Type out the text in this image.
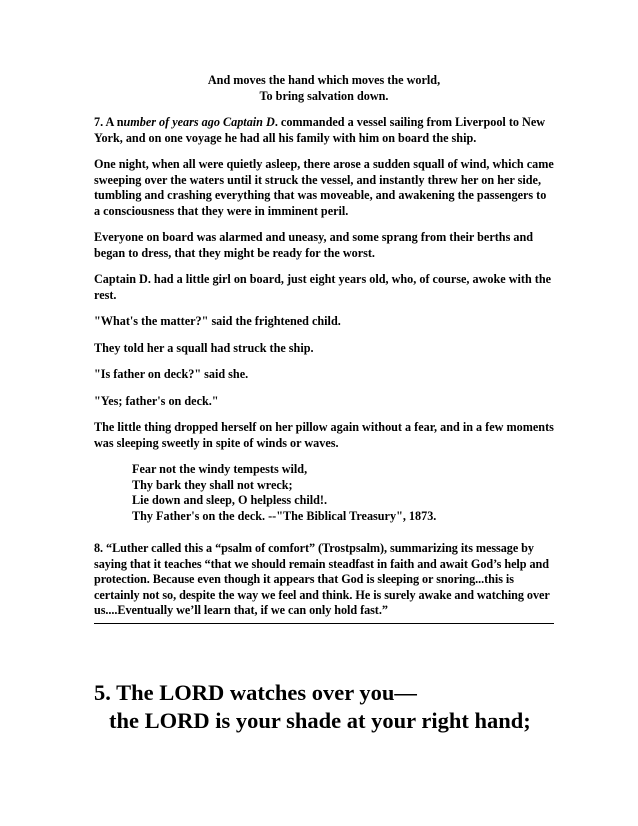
And moves the hand which moves the world,
To bring salvation down.

7. A number of years ago Captain D. commanded a vessel sailing from Liverpool to New York, and on one voyage he had all his family with him on board the ship.

One night, when all were quietly asleep, there arose a sudden squall of wind, which came sweeping over the waters until it struck the vessel, and instantly threw her on her side, tumbling and crashing everything that was moveable, and awakening the passengers to a consciousness that they were in imminent peril.

Everyone on board was alarmed and uneasy, and some sprang from their berths and began to dress, that they might be ready for the worst.

Captain D. had a little girl on board, just eight years old, who, of course, awoke with the rest.

"What's the matter?" said the frightened child.

They told her a squall had struck the ship.

"Is father on deck?" said she.

"Yes; father's on deck."

The little thing dropped herself on her pillow again without a fear, and in a few moments was sleeping sweetly in spite of winds or waves.

Fear not the windy tempests wild,
Thy bark they shall not wreck;
Lie down and sleep, O helpless child!.
Thy Father's on the deck. --"The Biblical Treasury", 1873.

8. “Luther called this a “psalm of comfort” (Trostpsalm), summarizing its message by saying that it teaches “that we should remain steadfast in faith and await God’s help and protection. Because even though it appears that God is sleeping or snoring...this is certainly not so, despite the way we feel and think. He is surely awake and watching over us....Eventually we’ll learn that, if we can only hold fast.”

5. The LORD watches over you—
the LORD is your shade at your right hand;
